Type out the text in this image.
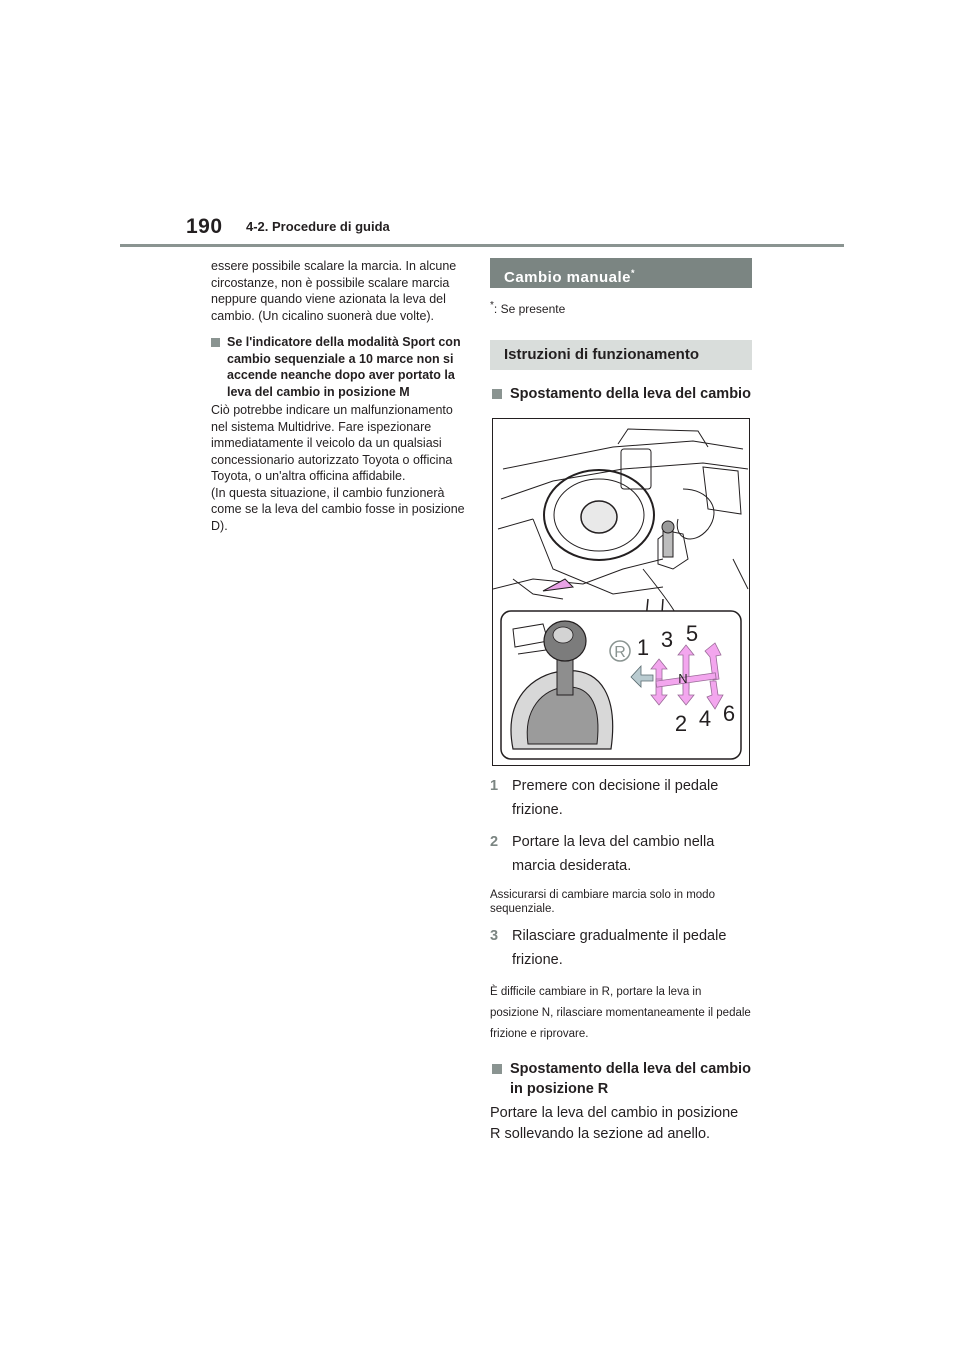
190 4-2. Procedure di guida

essere possibile scalare la marcia. In alcune circostanze, non è possibile scalare marcia neppure quando viene azionata la leva del cambio. (Un cicalino suonerà due volte).

Se l'indicatore della modalità Sport con cambio sequenziale a 10 marce non si accende neanche dopo aver portato la leva del cambio in posizione M

Ciò potrebbe indicare un malfunzionamento nel sistema Multidrive. Fare ispezionare immediatamente il veicolo da un qualsiasi concessionario autorizzato Toyota o officina Toyota, o un'altra officina affidabile.

(In questa situazione, il cambio funzionerà come se la leva del cambio fosse in posizione D).

Cambio manuale*

*: Se presente

Istruzioni di funzionamento
Spostamento della leva del cambio
R 1 3 5
N
2 4 6
1 Premere con decisione il pedale frizione.
2 Portare la leva del cambio nella marcia desiderata.

Assicurarsi di cambiare marcia solo in modo sequenziale.

3 Rilasciare gradualmente il pedale frizione.

È difficile cambiare in R, portare la leva in posizione N, rilasciare momentaneamente il pedale frizione e riprovare.

Spostamento della leva del cambio in posizione R

Portare la leva del cambio in posizione R sollevando la sezione ad anello.
